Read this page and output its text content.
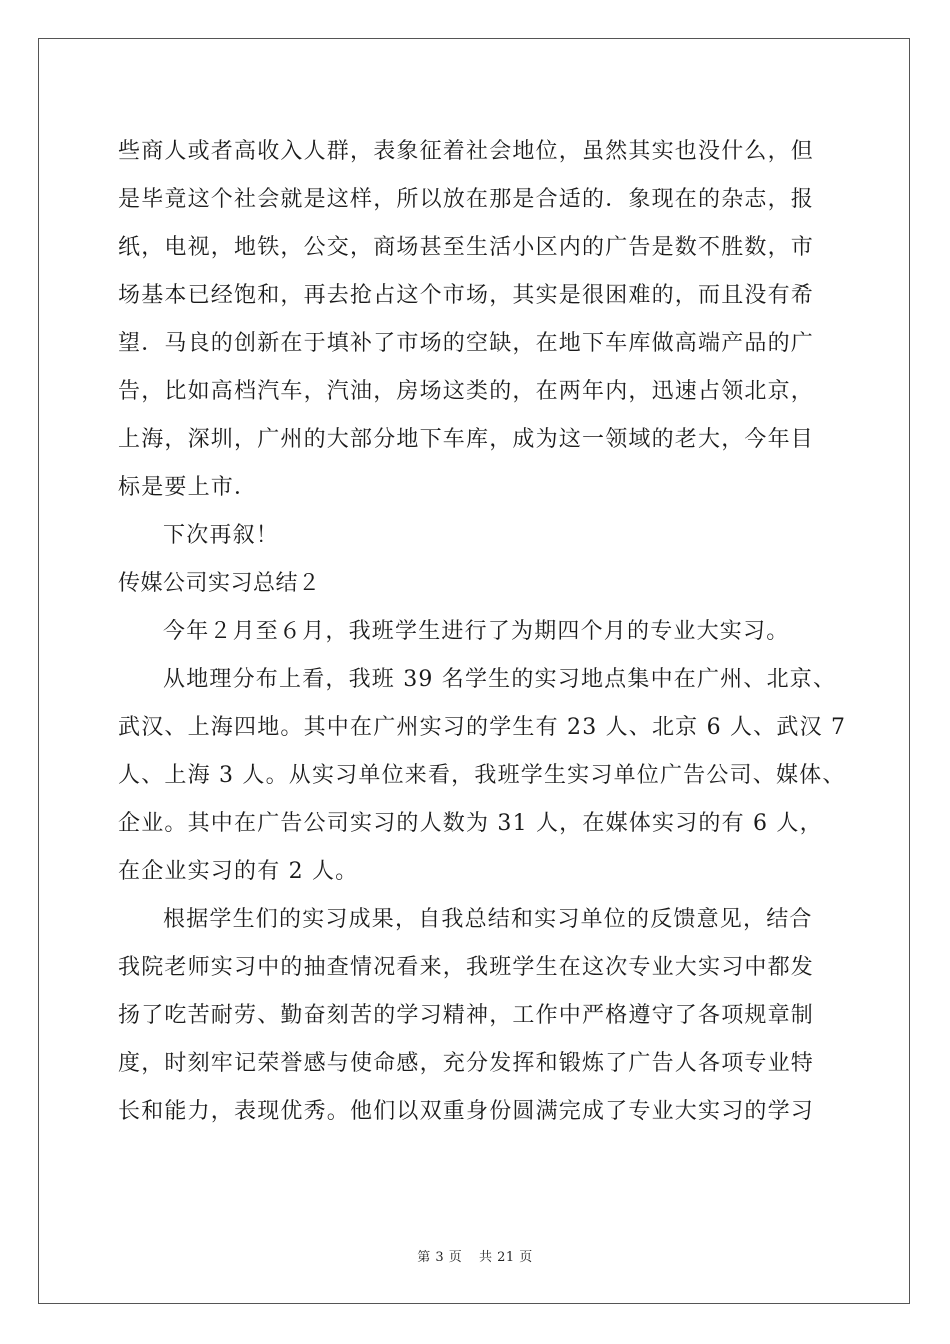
些商人或者高收入人群，表象征着社会地位，虽然其实也没什么，但
是毕竟这个社会就是这样，所以放在那是合适的．象现在的杂志，报
纸，电视，地铁，公交，商场甚至生活小区内的广告是数不胜数，市
场基本已经饱和，再去抢占这个市场，其实是很困难的，而且没有希
望．马良的创新在于填补了市场的空缺，在地下车库做高端产品的广
告，比如高档汽车，汽油，房场这类的，在两年内，迅速占领北京，
上海，深圳，广州的大部分地下车库，成为这一领域的老大，今年目
标是要上市．
下次再叙！
传媒公司实习总结２
今年２月至６月，我班学生进行了为期四个月的专业大实习。
从地理分布上看，我班 39 名学生的实习地点集中在广州、北京、
武汉、上海四地。其中在广州实习的学生有 23 人、北京 6 人、武汉 7
人、上海 3 人。从实习单位来看，我班学生实习单位广告公司、媒体、
企业。其中在广告公司实习的人数为 31 人，在媒体实习的有 6 人，
在企业实习的有 2 人。
根据学生们的实习成果，自我总结和实习单位的反馈意见，结合
我院老师实习中的抽查情况看来，我班学生在这次专业大实习中都发
扬了吃苦耐劳、勤奋刻苦的学习精神，工作中严格遵守了各项规章制
度，时刻牢记荣誉感与使命感，充分发挥和锻炼了广告人各项专业特
长和能力，表现优秀。他们以双重身份圆满完成了专业大实习的学习
第 3 页 共 21 页
